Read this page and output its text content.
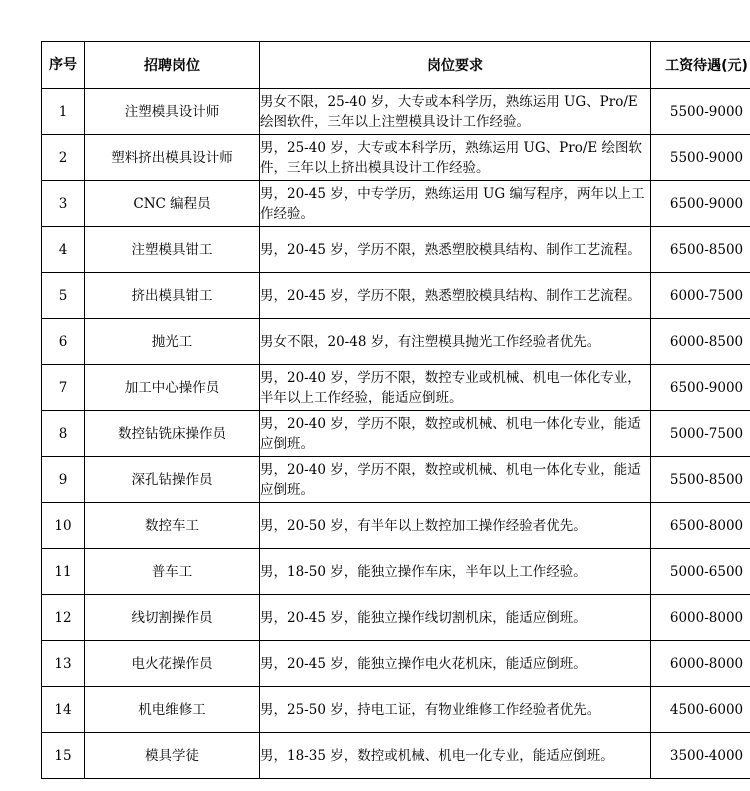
序号	招聘岗位	岗位要求	工资待遇(元)
1	注塑模具设计师	男女不限，25-40 岁，大专或本科学历，熟练运用 UG、Pro/E 绘图软件，三年以上注塑模具设计工作经验。	5500-9000
2	塑料挤出模具设计师	男，25-40 岁，大专或本科学历，熟练运用 UG、Pro/E 绘图软件，三年以上挤出模具设计工作经验。	5500-9000
3	CNC 编程员	男，20-45 岁，中专学历，熟练运用 UG 编写程序，两年以上工作经验。	6500-9000
4	注塑模具钳工	男，20-45 岁，学历不限，熟悉塑胶模具结构、制作工艺流程。	6500-8500
5	挤出模具钳工	男，20-45 岁，学历不限，熟悉塑胶模具结构、制作工艺流程。	6000-7500
6	抛光工	男女不限，20-48 岁，有注塑模具抛光工作经验者优先。	6000-8500
7	加工中心操作员	男，20-40 岁，学历不限，数控专业或机械、机电一体化专业，半年以上工作经验，能适应倒班。	6500-9000
8	数控钻铣床操作员	男，20-40 岁，学历不限，数控或机械、机电一体化专业，能适应倒班。	5000-7500
9	深孔钻操作员	男，20-40 岁，学历不限，数控或机械、机电一体化专业，能适应倒班。	5500-8500
10	数控车工	男，20-50 岁，有半年以上数控加工操作经验者优先。	6500-8000
11	普车工	男，18-50 岁，能独立操作车床，半年以上工作经验。	5000-6500
12	线切割操作员	男，20-45 岁，能独立操作线切割机床，能适应倒班。	6000-8000
13	电火花操作员	男，20-45 岁，能独立操作电火花机床，能适应倒班。	6000-8000
14	机电维修工	男，25-50 岁，持电工证，有物业维修工作经验者优先。	4500-6000
15	模具学徒	男，18-35 岁，数控或机械、机电一化专业，能适应倒班。	3500-4000
